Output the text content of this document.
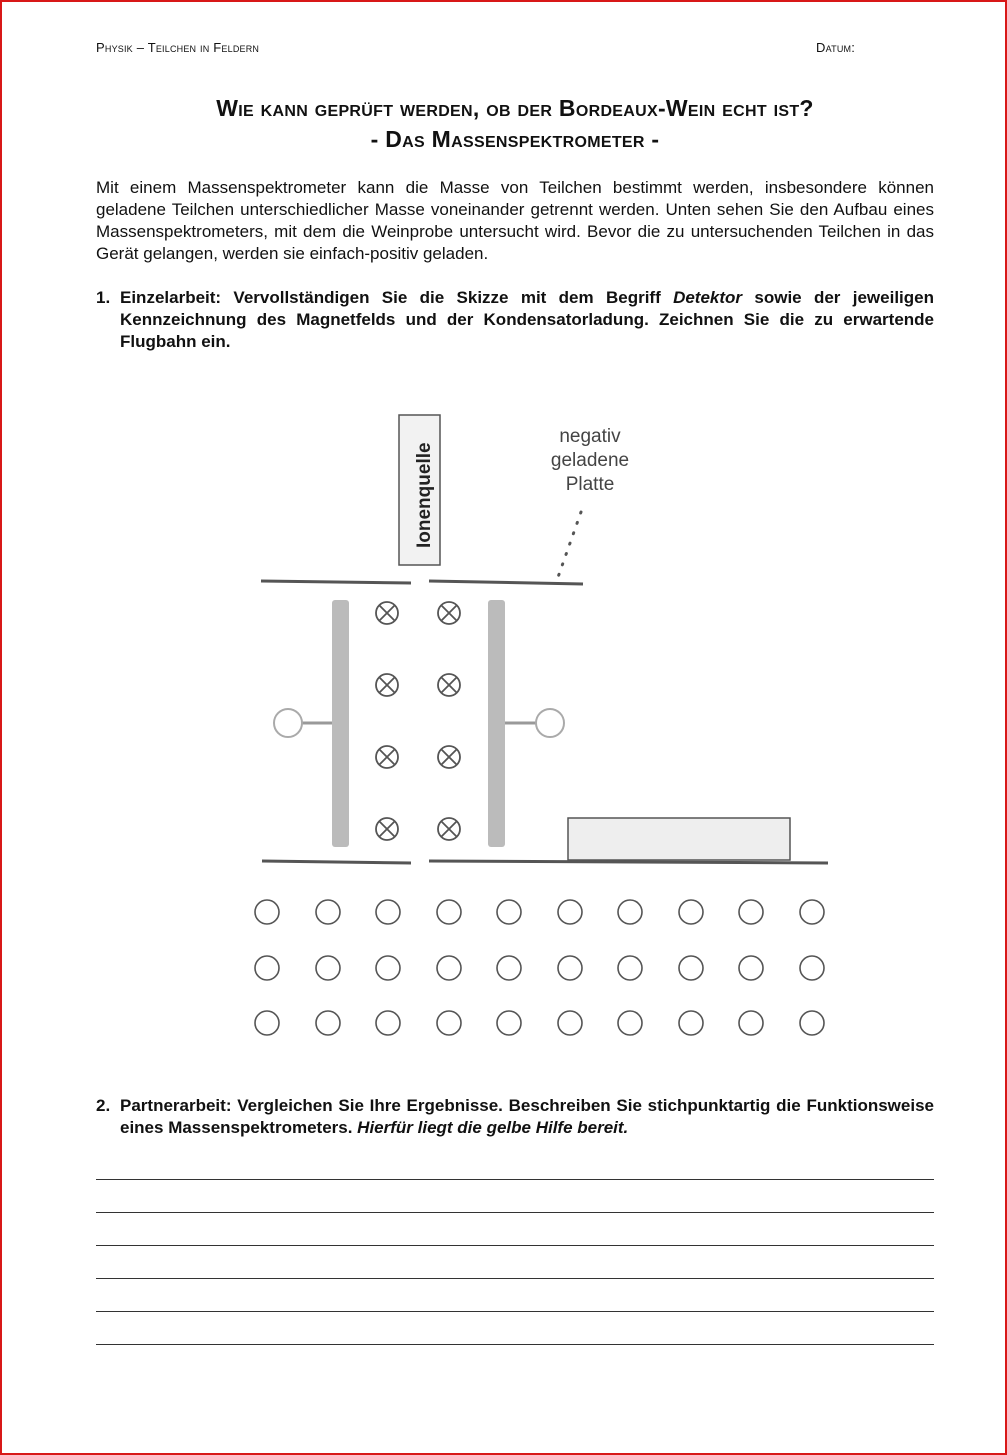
Physik – Teilchen in Feldern	Datum:
Wie kann geprüft werden, ob der Bordeaux-Wein echt ist?
- Das Massenspektrometer -
Mit einem Massenspektrometer kann die Masse von Teilchen bestimmt werden, insbesondere können geladene Teilchen unterschiedlicher Masse voneinander getrennt werden. Unten sehen Sie den Aufbau eines Massenspektrometers, mit dem die Weinprobe untersucht wird. Bevor die zu untersuchenden Teilchen in das Gerät gelangen, werden sie einfach-positiv geladen.
1. Einzelarbeit: Vervollständigen Sie die Skizze mit dem Begriff Detektor sowie der jeweiligen Kennzeichnung des Magnetfelds und der Kondensatorladung. Zeichnen Sie die zu erwartende Flugbahn ein.
Ionenquelle
negativ
geladene
Platte
2. Partnerarbeit: Vergleichen Sie Ihre Ergebnisse. Beschreiben Sie stichpunktartig die Funktionsweise eines Massenspektrometers. Hierfür liegt die gelbe Hilfe bereit.
